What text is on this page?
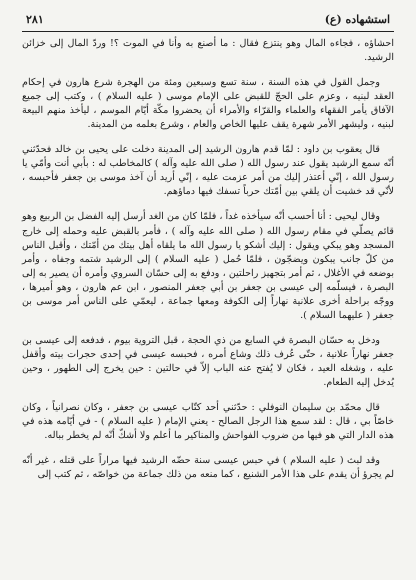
استشهاده (ع)
٢٨١

احشاؤه ، فجاءه المال وهو ينتزع فقال : ما أصنع به وأنا في الموت ؟! وردّ المال إلى خزائن الرشيد.

وجمل القول في هذه السنة ، سنة تسع وسبعين ومئة من الهجرة شرع هارون في إحكام العقد لبنيه ، وعزم على الحجّ للقبض على الإمام موسى ( عليه السلام ) ، وكتب إلى جميع الآفاق يأمر الفقهاء والعلماء والقرّاء والأمراء أن يحضروا مكّة أيّام الموسم ، ليأخذ منهم البيعة لبنيه ، وليشهر الأمر شهرة يقف عليها الخاص والعام ، وشرع بعلمه من المدينة.

قال يعقوب بن داود : لمّا قدم هارون الرشيد إلى المدينة دخلت على يحيى بن خالد فحدّثني أنّه سمع الرشيد يقول عند رسول الله ( صلى الله عليه وآله ) كالمخاطب له : بأبي أنت وأمّي يا رسول الله ، إنّي أعتذر إليك من أمر عزمت عليه ، إنّي أريد أن آخذ موسى بن جعفر فأحبسه ، لأنّي قد خشيت أن يلقي بين أمّتك حرباً تسفك فيها دماؤهم.

وقال ليحيى : أنا أحسب أنّه سيأخذه غداً ، فلمّا كان من الغد أرسل إليه الفضل بن الربيع وهو قائم يصلّي في مقام رسول الله ( صلى الله عليه وآله ) ، فأمر بالقبض عليه وحمله إلى خارج المسجد وهو يبكي ويقول : إليك أشكو يا رسول الله ما يلقاه أهل بيتك من أمّتك ، وأقبل الناس من كلّ جانب يبكون ويضجّون ، فلمّا حُمل ( عليه السلام ) إلى الرشيد شتمه وجفاه ، وأمر بوضعه في الأغلال ، ثم أمر بتجهيز راحلتين ، ودفع به إلى حسّان السروي وأمره أن يصير به إلى البصرة ، فيسلّمه إلى عيسى بن جعفر بن أبي جعفر المنصور ، ابن عم هارون ، وهو أميرها ، ووجّه براحلة أخرى علانية نهاراً إلى الكوفة ومعها جماعة ، ليعمّي على الناس أمر موسى بن جعفر ( عليهما السلام ).

ودخل به حسّان البصرة في السابع من ذي الحجة ، قبل التروية بيوم ، فدفعه إلى عيسى بن جعفر نهاراً علانية ، حتّى عُرف ذلك وشاع أمره ، فحبسه عيسى في إحدى حجرات بيته وأقفل عليه ، وشغله العيد ، فكان لا يُفتح عنه الباب إلاّ في حالتين : حين يخرج إلى الطهور ، وحين يُدخل إليه الطعام.

قال محمّد بن سليمان النوفلي : حدّثني أحد كتّاب عيسى بن جعفر ، وكان نصرانياً ، وكان خاصّاً بي ، قال : لقد سمع هذا الرجل الصالح - يعني الإمام ( عليه السلام ) - في أيّامه هذه في هذه الدار التي هو فيها من ضروب الفواحش والمناكير ما أعلم ولا أشكّ أنّه لم يخطر بباله.

وقد لبث ( عليه السلام ) في حبس عيسى سنة حضّه الرشيد فيها مراراً على قتله ، غير أنّه لم يجرؤ أن يقدم على هذا الأمر الشنيع ، كما منعه من ذلك جماعة من خواصّه ، ثم كتب إلى
